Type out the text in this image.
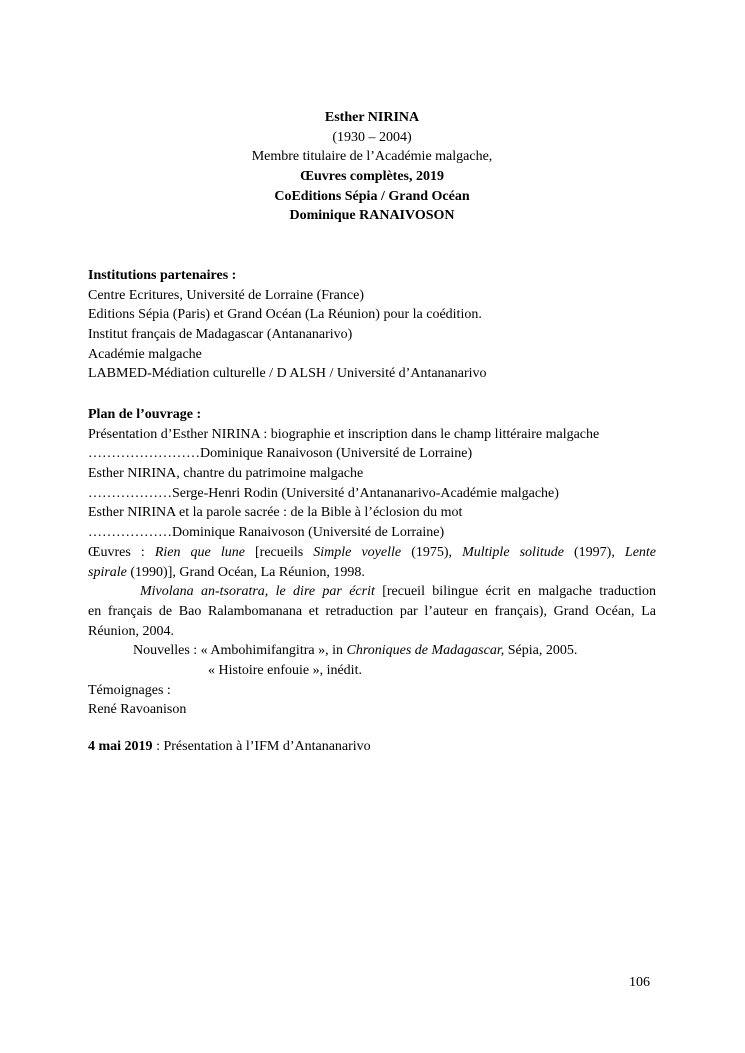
Esther NIRINA
(1930 – 2004)
Membre titulaire de l’Académie malgache,
Œuvres complètes, 2019
CoEditions Sépia / Grand Océan
Dominique RANAIVOSON
Institutions partenaires :
Centre Ecritures, Université de Lorraine (France)
Editions Sépia (Paris) et Grand Océan (La Réunion) pour la coédition.
Institut français de Madagascar (Antananarivo)
Académie malgache
LABMED-Médiation culturelle / D ALSH / Université d’Antananarivo
Plan de l’ouvrage :
Présentation d’Esther NIRINA : biographie et inscription dans le champ littéraire malgache
……………………Dominique Ranaivoson (Université de Lorraine)
Esther NIRINA, chantre du patrimoine malgache
………………Serge-Henri Rodin (Université d’Antananarivo-Académie malgache)
Esther NIRINA et la parole sacrée : de la Bible à l’éclosion du mot
………………Dominique Ranaivoson (Université de Lorraine)
Œuvres : Rien que lune [recueils Simple voyelle (1975), Multiple solitude (1997), Lente
spirale (1990)], Grand Océan, La Réunion, 1998.
Mivolana an-tsoratra, le dire par écrit [recueil bilingue écrit en malgache traduction
en français de Bao Ralambomanana et retraduction par l’auteur en français), Grand Océan, La
Réunion, 2004.
Nouvelles : « Ambohimifangitra », in Chroniques de Madagascar, Sépia, 2005.
« Histoire enfouie », inédit.
Témoignages :
René Ravoanison
4 mai 2019 : Présentation à l’IFM d’Antananarivo
106
